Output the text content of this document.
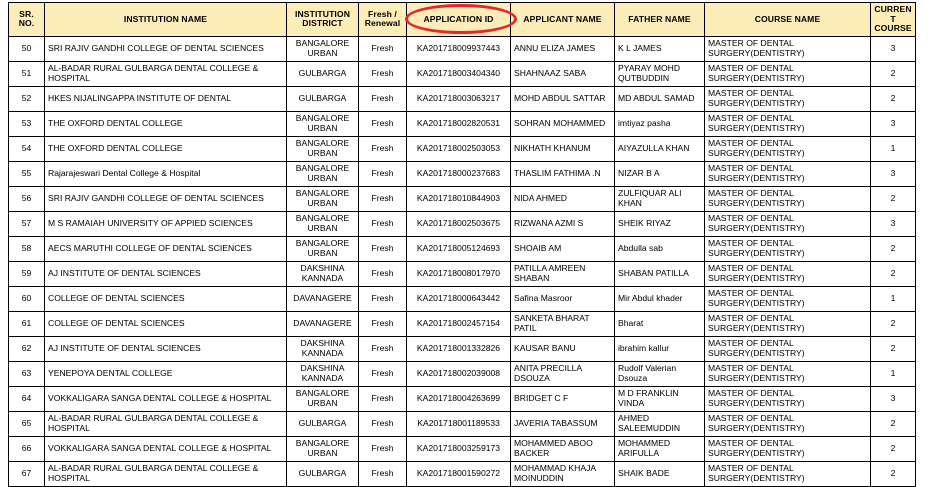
SR. NO.	INSTITUTION NAME	INSTITUTION DISTRICT	Fresh / Renewal	APPLICATION ID	APPLICANT NAME	FATHER NAME	COURSE NAME	CURRENT COURSE
50	SRI RAJIV GANDHI COLLEGE OF DENTAL SCIENCES	BANGALORE URBAN	Fresh	KA201718009937443	ANNU ELIZA JAMES	K L JAMES	MASTER OF DENTAL SURGERY(DENTISTRY)	3
51	AL-BADAR RURAL GULBARGA DENTAL COLLEGE & HOSPITAL	GULBARGA	Fresh	KA201718003404340	SHAHNAAZ SABA	PYARAY MOHD QUTBUDDIN	MASTER OF DENTAL SURGERY(DENTISTRY)	2
52	HKES NIJALINGAPPA INSTITUTE OF DENTAL	GULBARGA	Fresh	KA201718003063217	MOHD ABDUL SATTAR	MD ABDUL SAMAD	MASTER OF DENTAL SURGERY(DENTISTRY)	2
53	THE OXFORD DENTAL COLLEGE	BANGALORE URBAN	Fresh	KA201718002820531	SOHRAN MOHAMMED	imtiyaz pasha	MASTER OF DENTAL SURGERY(DENTISTRY)	3
54	THE OXFORD DENTAL COLLEGE	BANGALORE URBAN	Fresh	KA201718002503053	NIKHATH KHANUM	AIYAZULLA KHAN	MASTER OF DENTAL SURGERY(DENTISTRY)	1
55	Rajarajeswari Dental College & Hospital	BANGALORE URBAN	Fresh	KA201718000237683	THASLIM FATHIMA .N	NIZAR B A	MASTER OF DENTAL SURGERY(DENTISTRY)	3
56	SRI RAJIV GANDHI COLLEGE OF DENTAL SCIENCES	BANGALORE URBAN	Fresh	KA201718010844903	NIDA AHMED	ZULFIQUAR ALI KHAN	MASTER OF DENTAL SURGERY(DENTISTRY)	2
57	M S RAMAIAH UNIVERSITY OF APPIED SCIENCES	BANGALORE URBAN	Fresh	KA201718002503675	RIZWANA AZMI S	SHEIK RIYAZ	MASTER OF DENTAL SURGERY(DENTISTRY)	3
58	AECS MARUTHI COLLEGE OF DENTAL SCIENCES	BANGALORE URBAN	Fresh	KA201718005124693	SHOAIB AM	Abdulla sab	MASTER OF DENTAL SURGERY(DENTISTRY)	2
59	AJ INSTITUTE OF DENTAL SCIENCES	DAKSHINA KANNADA	Fresh	KA201718008017970	PATILLA AMREEN SHABAN	SHABAN PATILLA	MASTER OF DENTAL SURGERY(DENTISTRY)	2
60	COLLEGE OF DENTAL SCIENCES	DAVANAGERE	Fresh	KA201718000643442	Safina Masroor	Mir Abdul khader	MASTER OF DENTAL SURGERY(DENTISTRY)	1
61	COLLEGE OF DENTAL SCIENCES	DAVANAGERE	Fresh	KA201718002457154	SANKETA BHARAT PATIL	Bharat	MASTER OF DENTAL SURGERY(DENTISTRY)	2
62	AJ INSTITUTE OF DENTAL SCIENCES	DAKSHINA KANNADA	Fresh	KA201718001332826	KAUSAR BANU	ibrahim kallur	MASTER OF DENTAL SURGERY(DENTISTRY)	2
63	YENEPOYA DENTAL COLLEGE	DAKSHINA KANNADA	Fresh	KA201718002039008	ANITA PRECILLA DSOUZA	Rudolf Valerian Dsouza	MASTER OF DENTAL SURGERY(DENTISTRY)	1
64	VOKKALIGARA SANGA DENTAL COLLEGE & HOSPITAL	BANGALORE URBAN	Fresh	KA201718004263699	BRIDGET C F	M D FRANKLIN VINDA	MASTER OF DENTAL SURGERY(DENTISTRY)	3
65	AL-BADAR RURAL GULBARGA DENTAL COLLEGE & HOSPITAL	GULBARGA	Fresh	KA201718001189533	JAVERIA TABASSUM	AHMED SALEEMUDDIN	MASTER OF DENTAL SURGERY(DENTISTRY)	2
66	VOKKALIGARA SANGA DENTAL COLLEGE & HOSPITAL	BANGALORE URBAN	Fresh	KA201718003259173	MOHAMMED ABOO BACKER	MOHAMMED ARIFULLA	MASTER OF DENTAL SURGERY(DENTISTRY)	2
67	AL-BADAR RURAL GULBARGA DENTAL COLLEGE & HOSPITAL	GULBARGA	Fresh	KA201718001590272	MOHAMMAD KHAJA MOINUDDIN	SHAIK BADE	MASTER OF DENTAL SURGERY(DENTISTRY)	2
